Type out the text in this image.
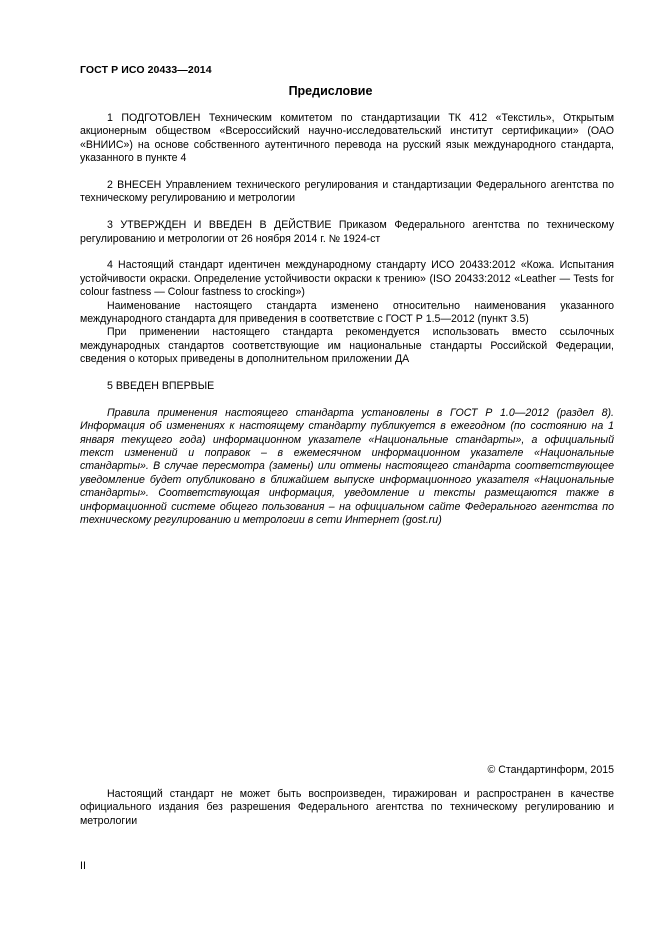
ГОСТ Р ИСО 20433—2014
Предисловие

1 ПОДГОТОВЛЕН Техническим комитетом по стандартизации ТК 412 «Текстиль», Открытым акционерным обществом «Всероссийский научно-исследовательский институт сертификации» (ОАО «ВНИИС») на основе собственного аутентичного перевода на русский язык международного стандарта, указанного в пункте 4

2 ВНЕСЕН Управлением технического регулирования и стандартизации Федерального агентства по техническому регулированию и метрологии

3 УТВЕРЖДЕН И ВВЕДЕН В ДЕЙСТВИЕ Приказом Федерального агентства по техническому регулированию и метрологии от 26 ноября 2014 г. № 1924-ст

4 Настоящий стандарт идентичен международному стандарту ИСО 20433:2012 «Кожа. Испытания устойчивости окраски. Определение устойчивости окраски к трению» (ISO 20433:2012 «Leather — Tests for colour fastness — Colour fastness to crocking»)

Наименование настоящего стандарта изменено относительно наименования указанного международного стандарта для приведения в соответствие с ГОСТ Р 1.5—2012 (пункт 3.5)

При применении настоящего стандарта рекомендуется использовать вместо ссылочных международных стандартов соответствующие им национальные стандарты Российской Федерации, сведения о которых приведены в дополнительном приложении ДА

5 ВВЕДЕН ВПЕРВЫЕ

Правила применения настоящего стандарта установлены в ГОСТ Р 1.0—2012 (раздел 8). Информация об изменениях к настоящему стандарту публикуется в ежегодном (по состоянию на 1 января текущего года) информационном указателе «Национальные стандарты», а официальный текст изменений и поправок – в ежемесячном информационном указателе «Национальные стандарты». В случае пересмотра (замены) или отмены настоящего стандарта соответствующее уведомление будет опубликовано в ближайшем выпуске информационного указателя «Национальные стандарты». Соответствующая информация, уведомление и тексты размещаются также в информационной системе общего пользования – на официальном сайте Федерального агентства по техническому регулированию и метрологии в сети Интернет (gost.ru)

© Стандартинформ, 2015

Настоящий стандарт не может быть воспроизведен, тиражирован и распространен в качестве официального издания без разрешения Федерального агентства по техническому регулированию и метрологии

II
